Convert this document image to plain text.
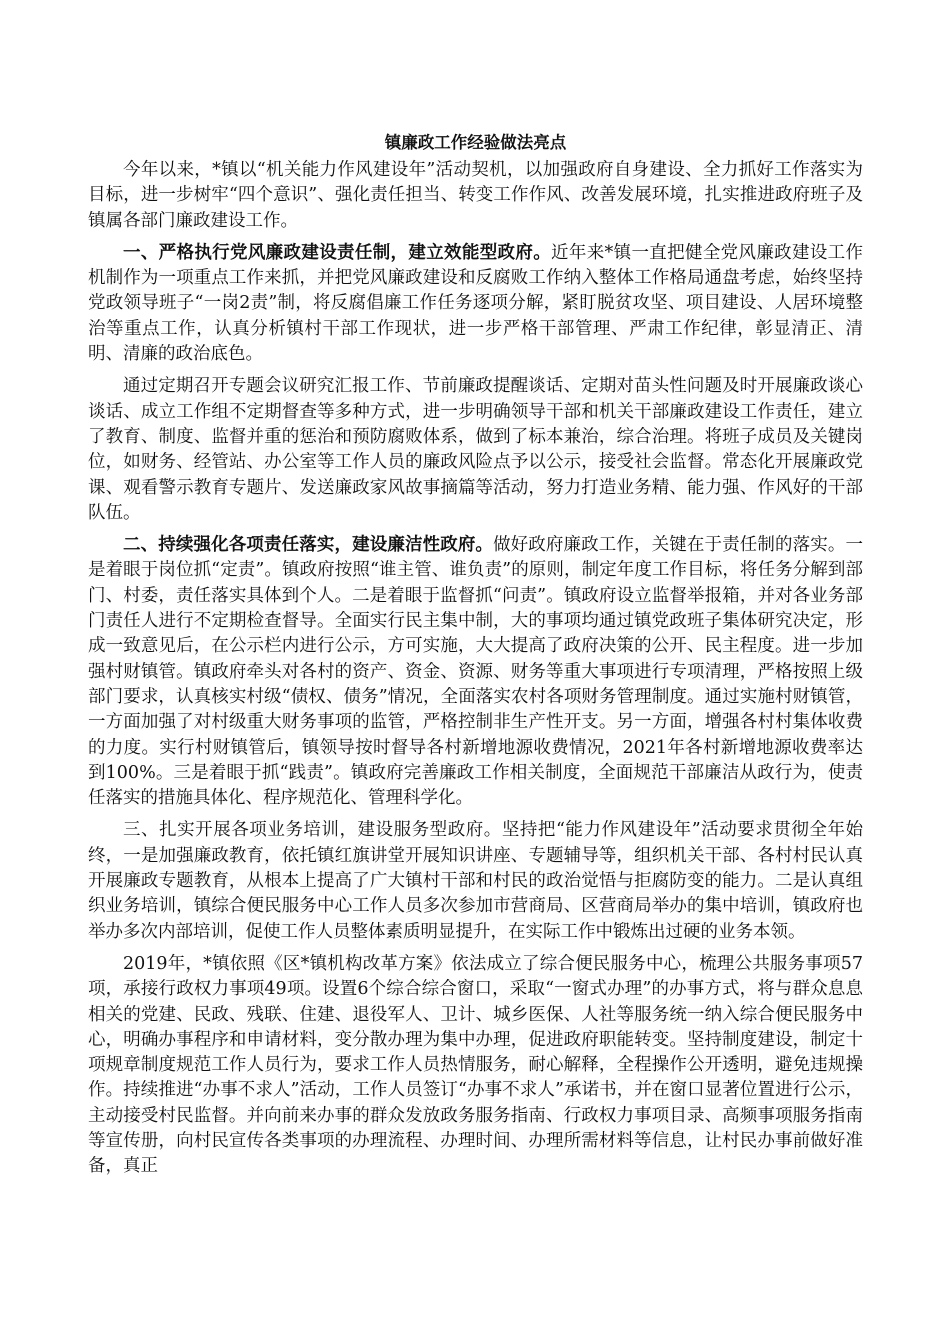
镇廉政工作经验做法亮点

今年以来，*镇以“机关能力作风建设年”活动契机，以加强政府自身建设、全力抓好工作落实为目标，进一步树牢“四个意识”、强化责任担当、转变工作作风、改善发展环境，扎实推进政府班子及镇属各部门廉政建设工作。

一、严格执行党风廉政建设责任制，建立效能型政府。近年来*镇一直把健全党风廉政建设工作机制作为一项重点工作来抓，并把党风廉政建设和反腐败工作纳入整体工作格局通盘考虑，始终坚持党政领导班子“一岗2责”制，将反腐倡廉工作任务逐项分解，紧盯脱贫攻坚、项目建设、人居环境整治等重点工作，认真分析镇村干部工作现状，进一步严格干部管理、严肃工作纪律，彰显清正、清明、清廉的政治底色。

通过定期召开专题会议研究汇报工作、节前廉政提醒谈话、定期对苗头性问题及时开展廉政谈心谈话、成立工作组不定期督查等多种方式，进一步明确领导干部和机关干部廉政建设工作责任，建立了教育、制度、监督并重的惩治和预防腐败体系，做到了标本兼治，综合治理。将班子成员及关键岗位，如财务、经管站、办公室等工作人员的廉政风险点予以公示，接受社会监督。常态化开展廉政党课、观看警示教育专题片、发送廉政家风故事摘篇等活动，努力打造业务精、能力强、作风好的干部队伍。

二、持续强化各项责任落实，建设廉洁性政府。做好政府廉政工作，关键在于责任制的落实。一是着眼于岗位抓“定责”。镇政府按照“谁主管、谁负责”的原则，制定年度工作目标，将任务分解到部门、村委，责任落实具体到个人。二是着眼于监督抓“问责”。镇政府设立监督举报箱，并对各业务部门责任人进行不定期检查督导。全面实行民主集中制，大的事项均通过镇党政班子集体研究决定，形成一致意见后，在公示栏内进行公示，方可实施，大大提高了政府决策的公开、民主程度。进一步加强村财镇管。镇政府牵头对各村的资产、资金、资源、财务等重大事项进行专项清理，严格按照上级部门要求，认真核实村级“债权、债务”情况，全面落实农村各项财务管理制度。通过实施村财镇管，一方面加强了对村级重大财务事项的监管，严格控制非生产性开支。另一方面，增强各村村集体收费的力度。实行村财镇管后，镇领导按时督导各村新增地源收费情况，2021年各村新增地源收费率达到100%。三是着眼于抓“践责”。镇政府完善廉政工作相关制度，全面规范干部廉洁从政行为，使责任落实的措施具体化、程序规范化、管理科学化。

三、扎实开展各项业务培训，建设服务型政府。坚持把“能力作风建设年”活动要求贯彻全年始终，一是加强廉政教育，依托镇红旗讲堂开展知识讲座、专题辅导等，组织机关干部、各村村民认真开展廉政专题教育，从根本上提高了广大镇村干部和村民的政治觉悟与拒腐防变的能力。二是认真组织业务培训，镇综合便民服务中心工作人员多次参加市营商局、区营商局举办的集中培训，镇政府也举办多次内部培训，促使工作人员整体素质明显提升，在实际工作中锻炼出过硬的业务本领。

2019年，*镇依照《区*镇机构改革方案》依法成立了综合便民服务中心，梳理公共服务事项57项，承接行政权力事项49项。设置6个综合综合窗口，采取“一窗式办理”的办事方式，将与群众息息相关的党建、民政、残联、住建、退役军人、卫计、城乡医保、人社等服务统一纳入综合便民服务中心，明确办事程序和申请材料，变分散办理为集中办理，促进政府职能转变。坚持制度建设，制定十项规章制度规范工作人员行为，要求工作人员热情服务，耐心解释，全程操作公开透明，避免违规操作。持续推进“办事不求人”活动，工作人员签订“办事不求人”承诺书，并在窗口显著位置进行公示，主动接受村民监督。并向前来办事的群众发放政务服务指南、行政权力事项目录、高频事项服务指南等宣传册，向村民宣传各类事项的办理流程、办理时间、办理所需材料等信息，让村民办事前做好准备，真正
